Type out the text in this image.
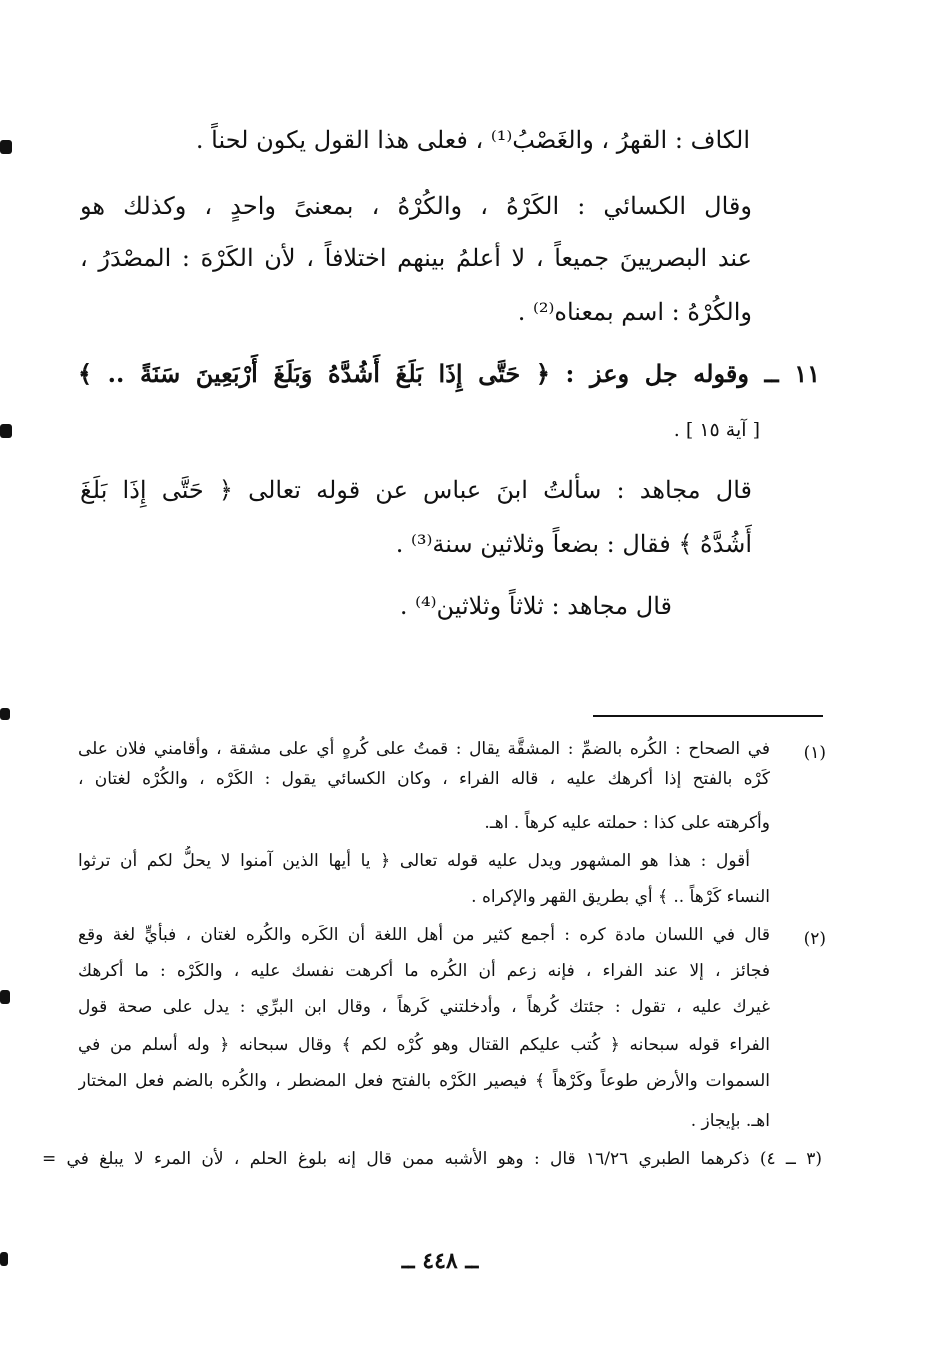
الكاف : القهرُ ، والغَصْبُ⁽¹⁾ ، فعلى هذا القول يكون لحناً .
وقال الكسائي : الكَرْهُ ، والكُرْهُ ، بمعنىً واحدٍ ، وكذلك هو
عند البصريينَ جميعاً ، لا أعلمُ بينهم اختلافاً ، لأن الكَرْهَ : المصْدَرُ ،
والكُرْهُ : اسم بمعناه⁽²⁾ .
١١ ــ وقوله جل وعز : ﴿ حَتَّى إِذَا بَلَغَ أَشُدَّهُ وَبَلَغَ أَرْبَعِينَ سَنَةً .. ﴾
[ آية ١٥ ] .
قال مجاهد : سألتُ ابنَ عباس عن قوله تعالى ﴿ حَتَّى إِذَا بَلَغَ
أَشُدَّهُ ﴾ فقال : بضعاً وثلاثين سنة⁽³⁾ .
قال مجاهد : ثلاثاً وثلاثين⁽⁴⁾ .
(١)
في الصحاح : الكُره بالضمِّ : المشقَّة يقال : قمتُ على كُرهٍ أي على مشقة ، وأقامني فلان على
كَرْه بالفتح إذا أكرهك عليه ، قاله الفراء ، وكان الكسائي يقول : الكَرْه ، والكُرْه لغتان ،
وأكرهته على كذا : حملته عليه كرهاً . اهـ.
أقول : هذا هو المشهور ويدل عليه قوله تعالى ﴿ يا أيها الذين آمنوا لا يحلُّ لكم أن ترثوا
النساء كَرْهاً .. ﴾ أي بطريق القهر والإكراه .
(٢)
قال في اللسان مادة كره : أجمع كثير من أهل اللغة أن الكَره والكُره لغتان ، فبأيٍّ لغة وقع
فجائز ، إلا عند الفراء ، فإنه زعم أن الكُره ما أكرهت نفسك عليه ، والكَرْه : ما أكرهك
غيرك عليه ، تقول : جئتك كُرهاً ، وأدخلتني كَرهاً ، وقال ابن البرِّي : يدل على صحة قول
الفراء قوله سبحانه ﴿ كُتب عليكم القتال وهو كُرْه لكم ﴾ وقال سبحانه ﴿ وله أسلم من في
السموات والأرض طوعاً وكَرْهاً ﴾ فيصير الكَرْه بالفتح فعل المضطر ، والكُره بالضم فعل المختار
اهـ. بإيجاز .
(٣ ــ ٤) ذكرهما الطبري ١٦/٢٦ قال : وهو الأشبه ممن قال إنه بلوغ الحلم ، لأن المرء لا يبلغ في =
ــ ٤٤٨ ــ
